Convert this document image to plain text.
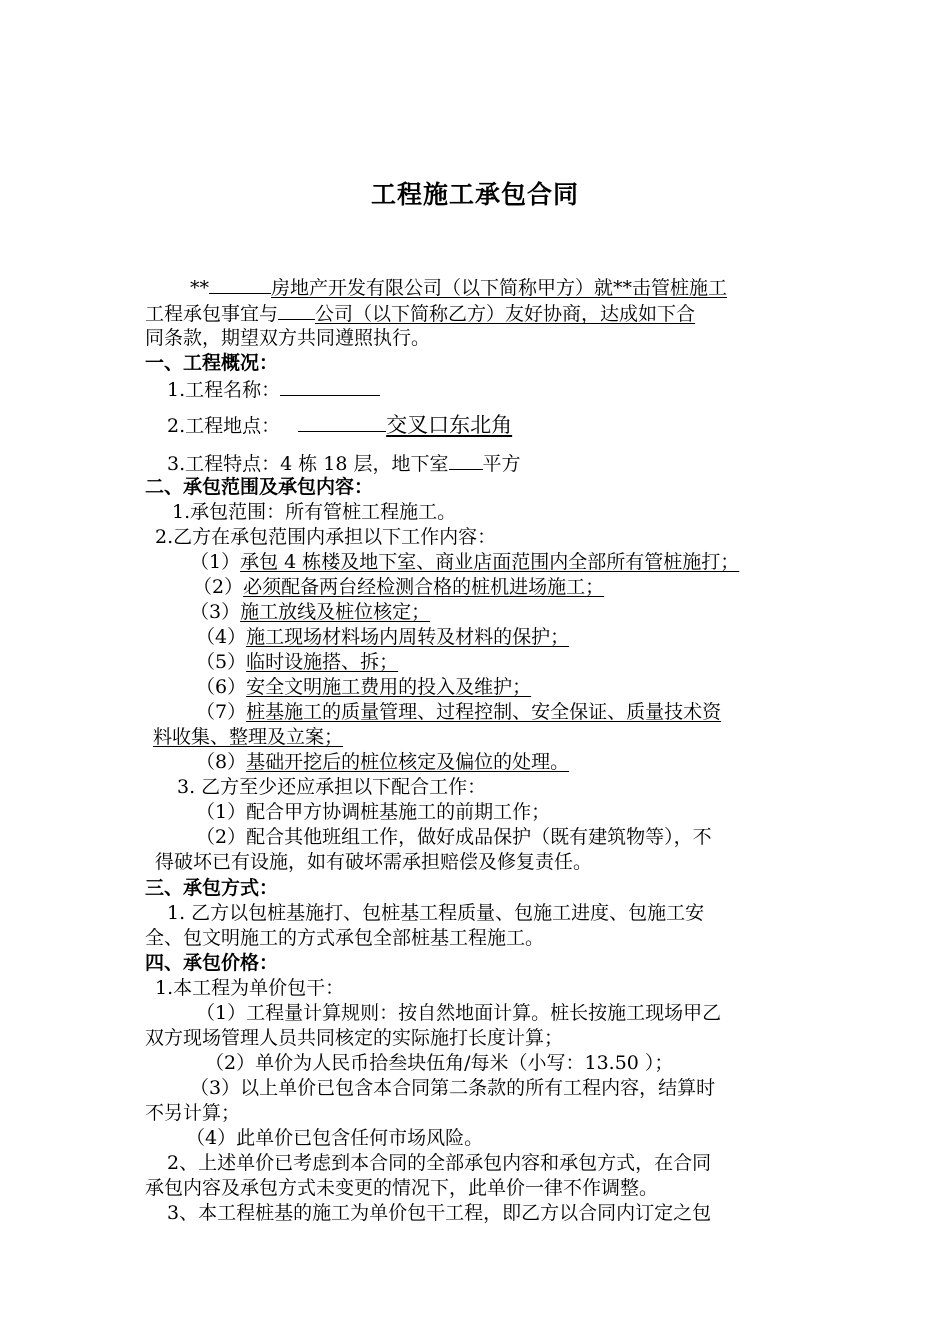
工程施工承包合同
**	房地产开发有限公司（以下简称甲方）就**击管桩施工
工程承包事宜与 公司（以下简称乙方）友好协商，达成如下合
同条款，期望双方共同遵照执行。
一、工程概况：
1.工程名称：
2.工程地点：	交叉口东北角
3.工程特点：4 栋 18 层，地下室 平方
二、承包范围及承包内容：
1.承包范围：所有管桩工程施工。
2.乙方在承包范围内承担以下工作内容：
（1）承包 4 栋楼及地下室、商业店面范围内全部所有管桩施打；
（2）必须配备两台经检测合格的桩机进场施工；
（3）施工放线及桩位核定；
（4）施工现场材料场内周转及材料的保护；
（5）临时设施搭、拆；
（6）安全文明施工费用的投入及维护；
（7）桩基施工的质量管理、过程控制、安全保证、质量技术资
料收集、整理及立案；
（8）基础开挖后的桩位核定及偏位的处理。
3. 乙方至少还应承担以下配合工作：
（1）配合甲方协调桩基施工的前期工作；
（2）配合其他班组工作，做好成品保护（既有建筑物等），不
得破坏已有设施，如有破坏需承担赔偿及修复责任。
三、承包方式：
1. 乙方以包桩基施打、包桩基工程质量、包施工进度、包施工安
全、包文明施工的方式承包全部桩基工程施工。
四、承包价格：
1.本工程为单价包干：
（1）工程量计算规则：按自然地面计算。桩长按施工现场甲乙
双方现场管理人员共同核定的实际施打长度计算；
（2）单价为人民币拾叁块伍角/每米（小写：13.50 ）；
（3）以上单价已包含本合同第二条款的所有工程内容，结算时
不另计算；
（4）此单价已包含任何市场风险。
2、上述单价已考虑到本合同的全部承包内容和承包方式，在合同
承包内容及承包方式未变更的情况下，此单价一律不作调整。
3、本工程桩基的施工为单价包干工程，即乙方以合同内订定之包
